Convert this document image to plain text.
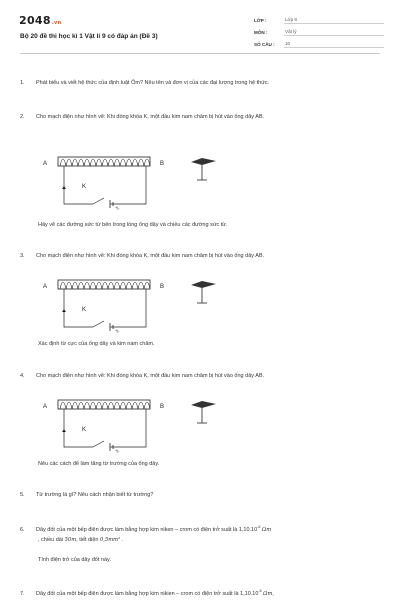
2048.vn
Bộ 20 đề thi học kì 1 Vật lí 9 có đáp án (Đề 3)
LỚP :	Lớp 9
MÔN :	Vật lý
SỐ CÂU :	10
1. Phát biểu và viết hệ thức của định luật Ôm? Nêu tên và đơn vị của các đại lượng trong hệ thức.
2. Cho mạch điện như hình vẽ: Khi đóng khóa K, một đầu kim nam châm bị hút vào ống dây AB.
A	B
K
+|-
Hãy vẽ các đường sức từ bên trong lòng ống dây và chiều các đường sức từ.
3. Cho mạch điện như hình vẽ: Khi đóng khóa K, một đầu kim nam châm bị hút vào ống dây AB.
A	B
K
+|-
Xác định từ cực của ống dây và kim nam châm.
4. Cho mạch điện như hình vẽ: Khi đóng khóa K, một đầu kim nam châm bị hút vào ống dây AB.
A	B
K
+|-
Nêu các cách để làm tăng từ trường của ống dây.
5. Từ trường là gì? Nêu cách nhận biết từ trường?
6. Dây đốt của một bếp điện được làm bằng hợp kim niken – crom có điện trở suất là $1,10.10^{-6}$ Ωm
, chiều dài 50m, tiết diện 0,5mm² .
Tính điện trở của dây đốt này.
7. Dây đốt của một bếp điện được làm bằng hợp kim nikien – crom có điện trở suất là $1,10.10^{-6}$ Ωm,
